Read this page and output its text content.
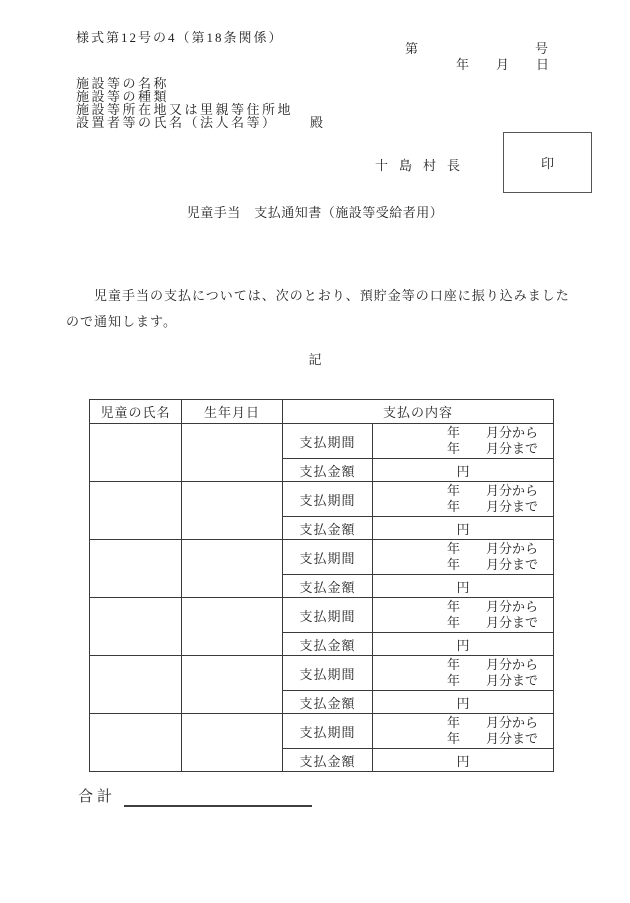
様式第12号の4（第18条関係）
第	号
年 月 日
施設等の名称
施設等の種類
施設等所在地又は里親等住所地
設置者等の氏名（法人名等） 殿
十島村長	印
児童手当　支払通知書（施設等受給者用）
　　児童手当の支払については、次のとおり、預貯金等の口座に振り込みました
ので通知します。
記
児童の氏名	生年月日	支払の内容	
		支払期間	年　　月分から
年　　月分まで

		支払金額	円
		支払期間	年　　月分から
年　　月分まで

		支払金額	円
		支払期間	年　　月分から
年　　月分まで

		支払金額	円
		支払期間	年　　月分から
年　　月分まで

		支払金額	円
		支払期間	年　　月分から
年　　月分まで

		支払金額	円
		支払期間	年　　月分から
年　　月分まで

		支払金額	円
合計
